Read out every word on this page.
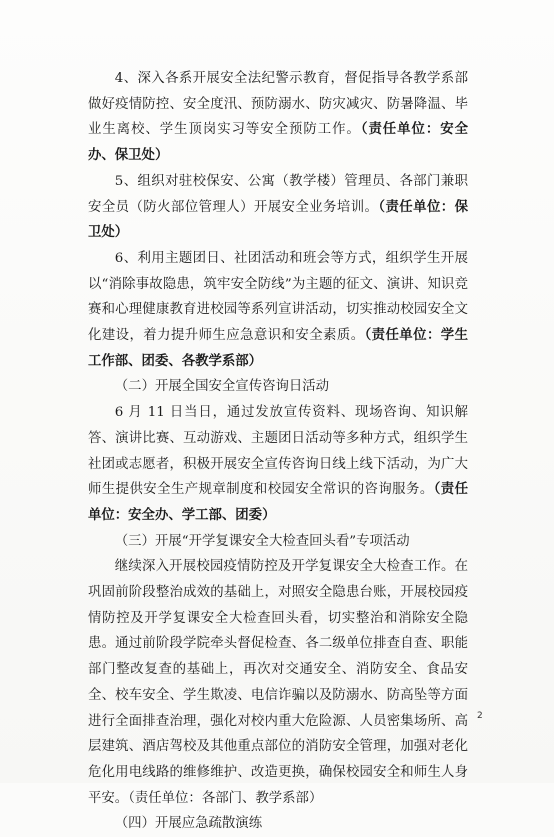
4、深入各系开展安全法纪警示教育，督促指导各教学系部做好疫情防控、安全度汛、预防溺水、防灾减灾、防暑降温、毕业生离校、学生顶岗实习等安全预防工作。（责任单位：安全办、保卫处）

5、组织对驻校保安、公寓（教学楼）管理员、各部门兼职安全员（防火部位管理人）开展安全业务培训。（责任单位：保卫处）

6、利用主题团日、社团活动和班会等方式，组织学生开展以“消除事故隐患，筑牢安全防线”为主题的征文、演讲、知识竞赛和心理健康教育进校园等系列宣讲活动，切实推动校园安全文化建设，着力提升师生应急意识和安全素质。（责任单位：学生工作部、团委、各教学系部）

（二）开展全国安全宣传咨询日活动

6 月 11 日当日，通过发放宣传资料、现场咨询、知识解答、演讲比赛、互动游戏、主题团日活动等多种方式，组织学生社团或志愿者，积极开展安全宣传咨询日线上线下活动，为广大师生提供安全生产规章制度和校园安全常识的咨询服务。（责任单位：安全办、学工部、团委）

（三）开展“开学复课安全大检查回头看”专项活动

继续深入开展校园疫情防控及开学复课安全大检查工作。在巩固前阶段整治成效的基础上，对照安全隐患台账，开展校园疫情防控及开学复课安全大检查回头看，切实整治和消除安全隐患。通过前阶段学院牵头督促检查、各二级单位排查自查、职能部门整改复查的基础上，再次对交通安全、消防安全、食品安全、校车安全、学生欺凌、电信诈骗以及防溺水、防高坠等方面进行全面排查治理，强化对校内重大危险源、人员密集场所、高层建筑、酒店驾校及其他重点部位的消防安全管理，加强对老化危化用电线路的维修维护、改造更换，确保校园安全和师生人身平安。（责任单位：各部门、教学系部）

（四）开展应急疏散演练

2
